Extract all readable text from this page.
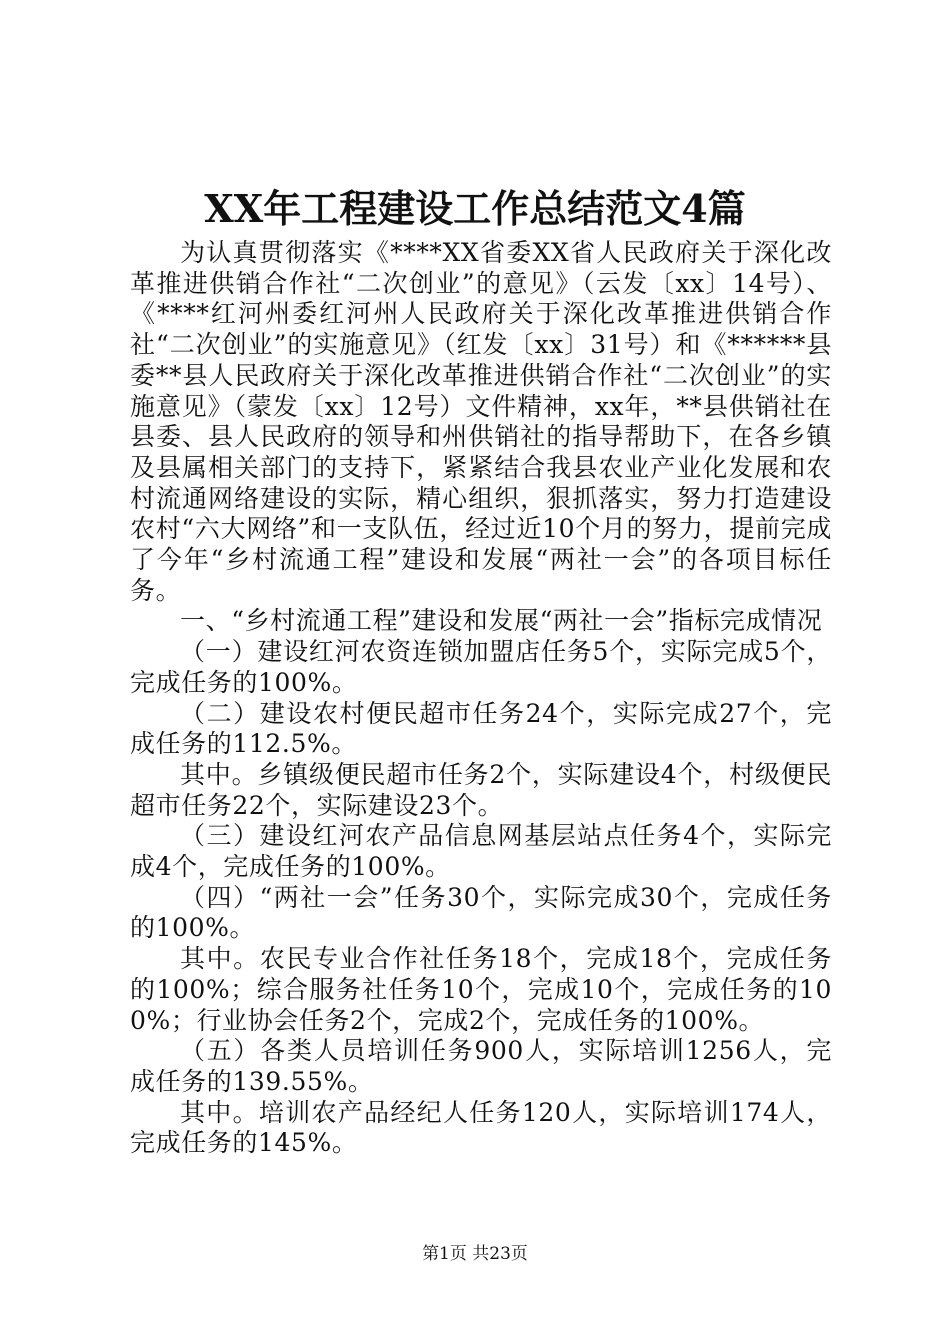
XX年工程建设工作总结范文4篇

为认真贯彻落实《****XX省委XX省人民政府关于深化改革推进供销合作社“二次创业”的意见》（云发〔xx〕14号）、《****红河州委红河州人民政府关于深化改革推进供销合作社“二次创业”的实施意见》（红发〔xx〕31号）和《******县委**县人民政府关于深化改革推进供销合作社“二次创业”的实施意见》（蒙发〔xx〕12号）文件精神，xx年，**县供销社在县委、县人民政府的领导和州供销社的指导帮助下，在各乡镇及县属相关部门的支持下，紧紧结合我县农业产业化发展和农村流通网络建设的实际，精心组织，狠抓落实，努力打造建设农村“六大网络”和一支队伍，经过近10个月的努力，提前完成了今年“乡村流通工程”建设和发展“两社一会”的各项目标任务。

一、“乡村流通工程”建设和发展“两社一会”指标完成情况

（一）建设红河农资连锁加盟店任务5个，实际完成5个，完成任务的100%。

（二）建设农村便民超市任务24个，实际完成27个，完成任务的112.5%。

其中。乡镇级便民超市任务2个，实际建设4个，村级便民超市任务22个，实际建设23个。

（三）建设红河农产品信息网基层站点任务4个，实际完成4个，完成任务的100%。

（四）“两社一会”任务30个，实际完成30个，完成任务的100%。

其中。农民专业合作社任务18个，完成18个，完成任务的100%；综合服务社任务10个，完成10个，完成任务的100%；行业协会任务2个，完成2个，完成任务的100%。

（五）各类人员培训任务900人，实际培训1256人，完成任务的139.55%。

其中。培训农产品经纪人任务120人，实际培训174人，完成任务的145%。

第1页 共23页
